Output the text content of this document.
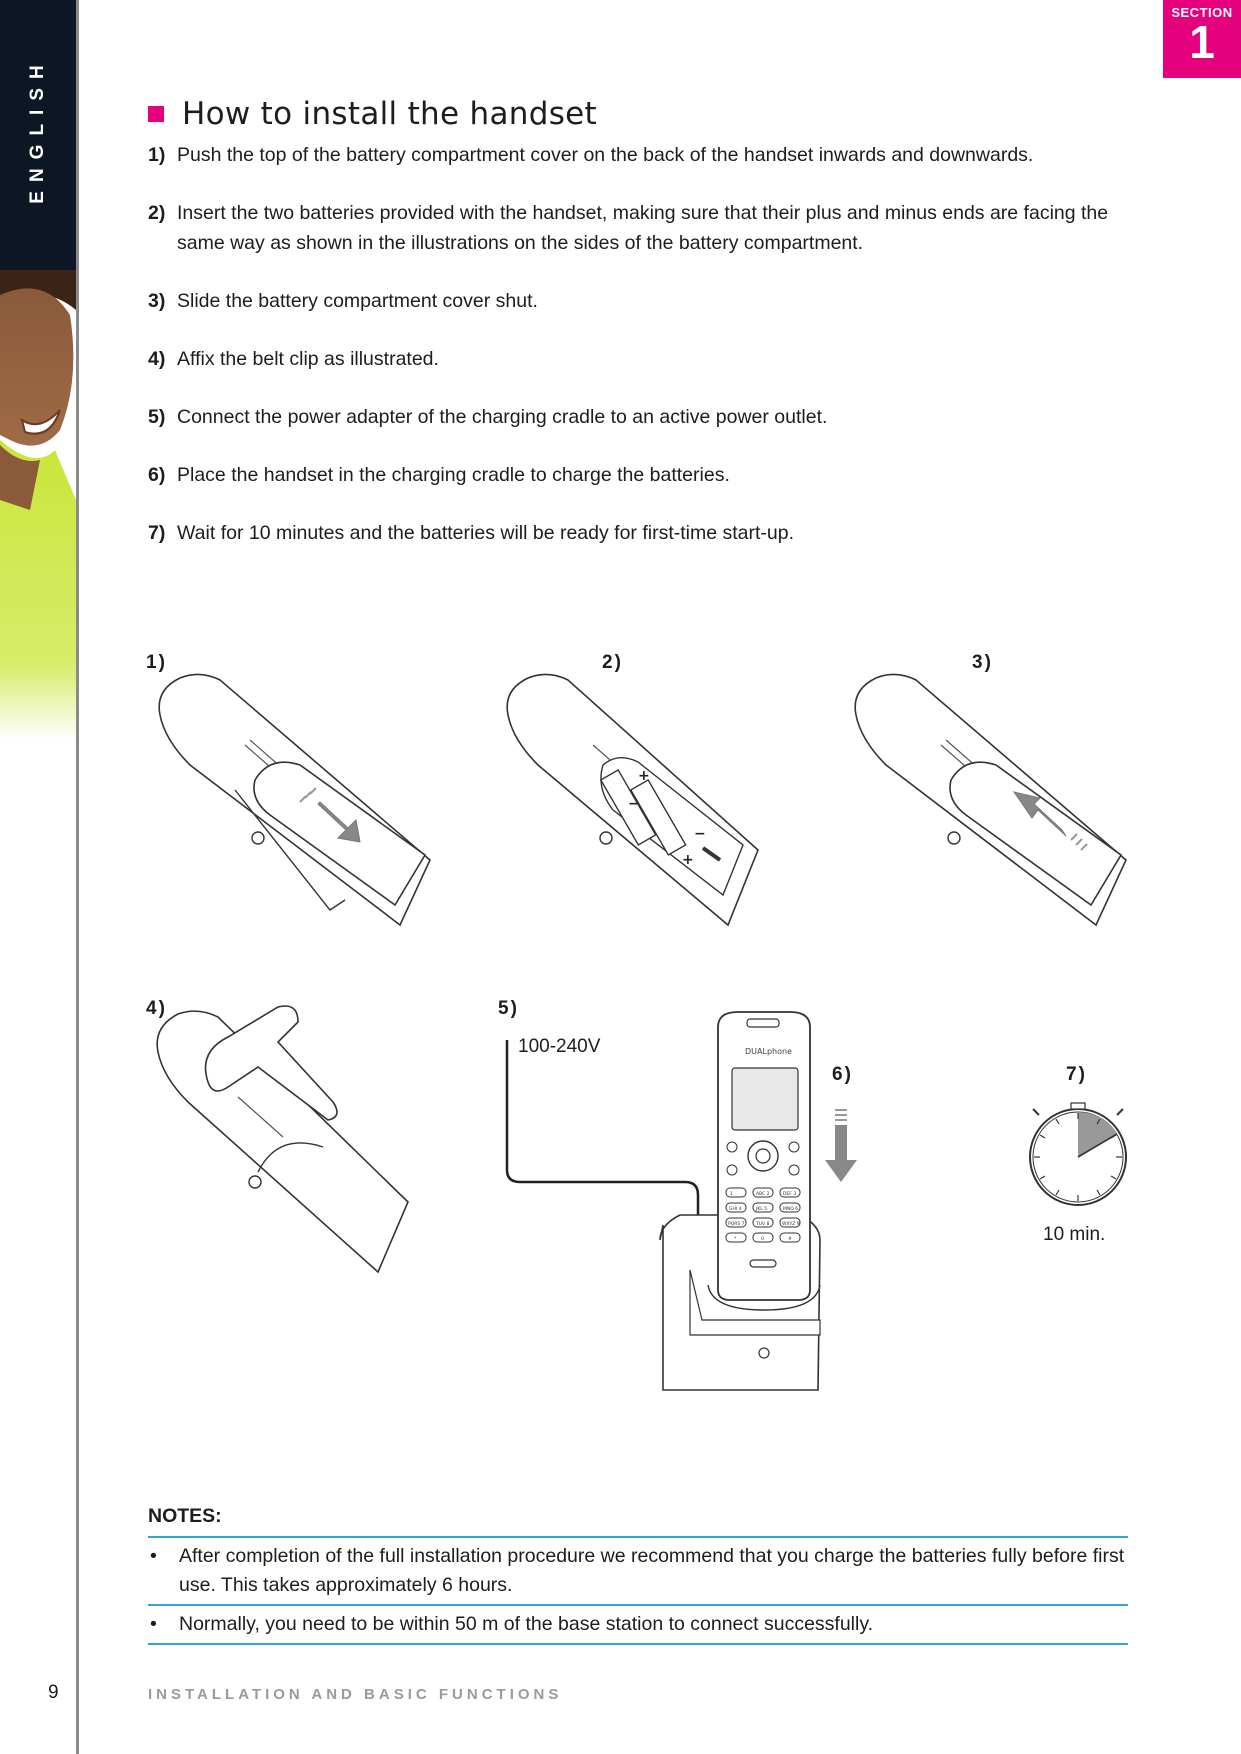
ENGLISH
SECTION
1
How to install the handset
1) Push the top of the battery compartment cover on the back of the handset inwards and downwards.
2) Insert the two batteries provided with the handset, making sure that their plus and minus ends are facing the same way as shown in the illustrations on the sides of the battery compartment.
3) Slide the battery compartment cover shut.
4) Affix the belt clip as illustrated.
5) Connect the power adapter of the charging cradle to an active power outlet.
6) Place the handset in the charging cradle to charge the batteries.
7) Wait for 10 minutes and the batteries will be ready for first-time start-up.
1)	2)	3)
4)	5)
6)	7)
100-240V
10 min.
+
−
−
+
DUALphone
1	ABC 2	DEF 3
GHI 4	JKL 5	MNO 6
PQRS 7	TUV 8	WXYZ 9
*	0	#
NOTES:
•	After completion of the full installation procedure we recommend that you charge the batteries fully before first use. This takes approximately 6 hours.
•	Normally, you need to be within 50 m of the base station to connect successfully.
9	INSTALLATION AND BASIC FUNCTIONS
